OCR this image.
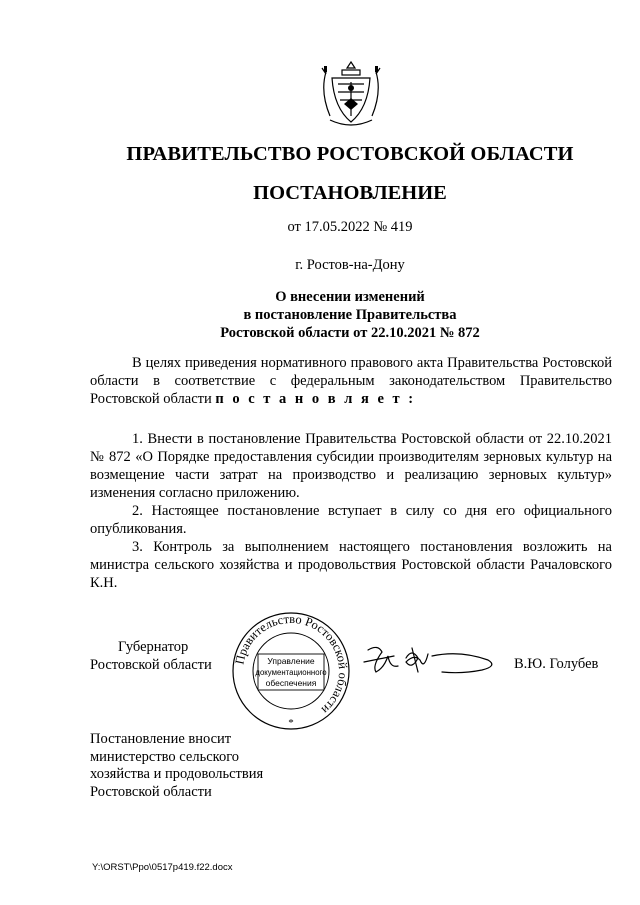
ПРАВИТЕЛЬСТВО РОСТОВСКОЙ ОБЛАСТИ
ПОСТАНОВЛЕНИЕ
от 17.05.2022 № 419
г. Ростов-на-Дону
О внесении изменений
в постановление Правительства
Ростовской области от 22.10.2021 № 872

В целях приведения нормативного правового акта Правительства Ростовской области в соответствие с федеральным законодательством Правительство Ростовской области п о с т а н о в л я е т :

1. Внести в постановление Правительства Ростовской области от 22.10.2021 № 872 «О Порядке предоставления субсидии производителям зерновых культур на возмещение части затрат на производство и реализацию зерновых культур» изменения согласно приложению.

2. Настоящее постановление вступает в силу со дня его официального опубликования.

3. Контроль за выполнением настоящего постановления возложить на министра сельского хозяйства и продовольствия Ростовской области Рачаловского К.Н.

Губернатор
Ростовской области Правительство Ростовской области
Управление
документационного
обеспечения
*
В.Ю. Голубев
Постановление вносит
министерство сельского
хозяйства и продовольствия
Ростовской области
Y:\ORST\Ppo\0517p419.f22.docx
